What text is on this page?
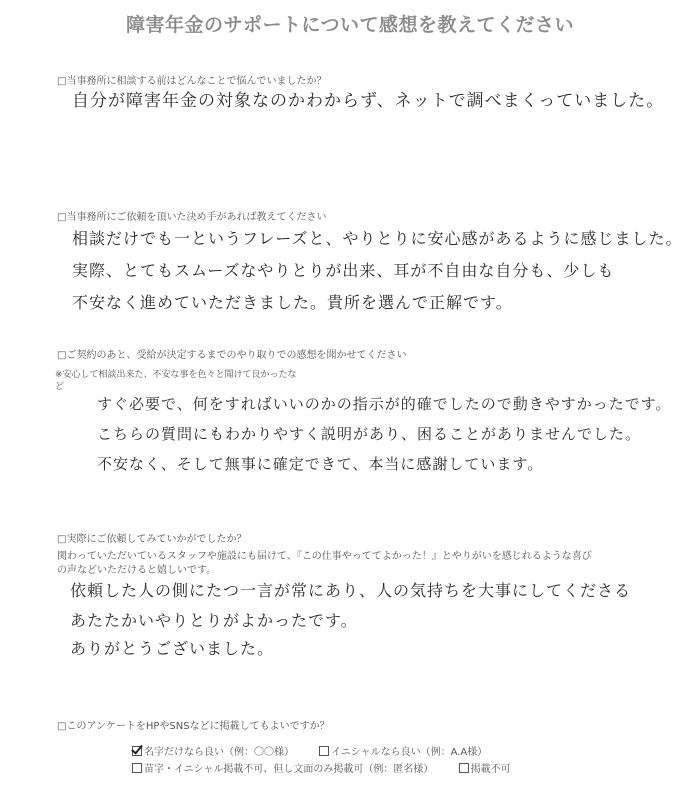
障害年金のサポートについて感想を教えてください
□当事務所に相談する前はどんなことで悩んでいましたか？
自分が障害年金の対象なのかわからず、ネットで調べまくっていました。
□当事務所にご依頼を頂いた決め手があれば教えてください
相談だけでも一というフレーズと、やりとりに安心感があるように感じました。
実際、とてもスムーズなやりとりが出来、耳が不自由な自分も、少しも
不安なく進めていただきました。貴所を選んで正解です。
□ご契約のあと、受給が決定するまでのやり取りでの感想を聞かせてください
※安心して相談出来た、不安な事を色々と聞けて良かったな
ど
すぐ必要で、何をすればいいのかの指示が的確でしたので動きやすかったです。
こちらの質問にもわかりやすく説明があり、困ることがありませんでした。
不安なく、そして無事に確定できて、本当に感謝しています。
□実際にご依頼してみていかがでしたか？
関わっていただいているスタッフや施設にも届けて、『この仕事やっててよかった！』とやりがいを感じれるような喜び
の声などいただけると嬉しいです。
依頼した人の側にたつ一言が常にあり、人の気持ちを大事にしてくださる
あたたかいやりとりがよかったです。
ありがとうございました。
□このアンケートをHPやSNSなどに掲載してもよいですか？
名字だけなら良い（例：〇〇様）	イニシャルなら良い（例：A.A様）
苗字・イニシャル掲載不可、但し文面のみ掲載可（例：匿名様）	掲載不可
